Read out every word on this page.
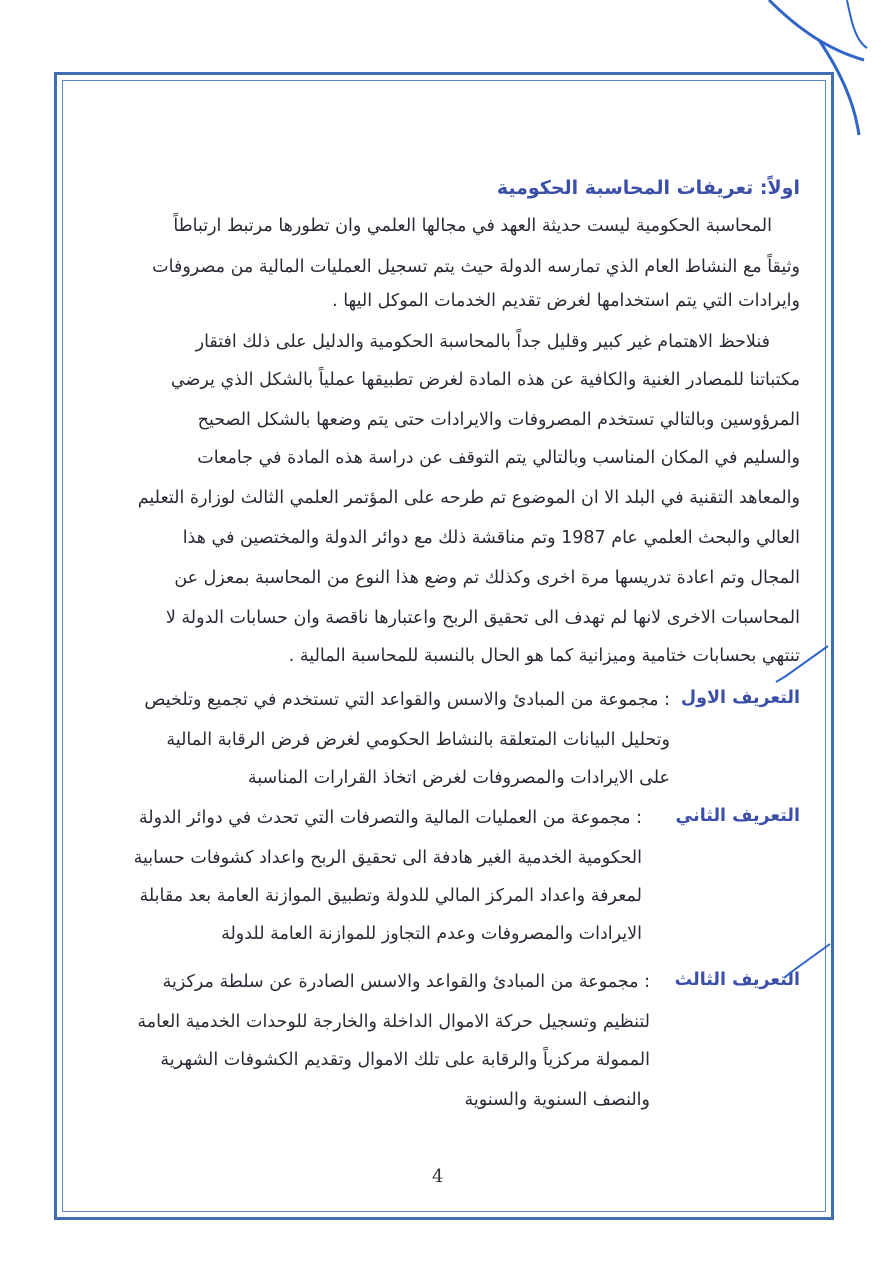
اولاً: تعريفات المحاسبة الحكومية
المحاسبة الحكومية ليست حديثة العهد في مجالها العلمي وان تطورها مرتبط ارتباطاً
وثيقاً مع النشاط العام الذي تمارسه الدولة حيث يتم تسجيل العمليات المالية من مصروفات
وايرادات التي يتم استخدامها لغرض تقديم الخدمات الموكل اليها .
فنلاحظ الاهتمام غير كبير وقليل جداً بالمحاسبة الحكومية والدليل على ذلك افتقار
مكتباتنا للمصادر الغنية والكافية عن هذه المادة لغرض تطبيقها عملياً بالشكل الذي يرضي
المرؤوسين وبالتالي تستخدم المصروفات والايرادات حتى يتم وضعها بالشكل الصحيح
والسليم في المكان المناسب وبالتالي يتم التوقف عن دراسة هذه المادة في جامعات
والمعاهد التقنية في البلد الا ان الموضوع تم طرحه على المؤتمر العلمي الثالث لوزارة التعليم
العالي والبحث العلمي عام 1987 وتم مناقشة ذلك مع دوائر الدولة والمختصين في هذا
المجال وتم اعادة تدريسها مرة اخرى وكذلك تم وضع هذا النوع من المحاسبة بمعزل عن
المحاسبات الاخرى لانها لم تهدف الى تحقيق الربح واعتبارها ناقصة وان حسابات الدولة لا
تنتهي بحسابات ختامية وميزانية كما هو الحال بالنسبة للمحاسبة المالية .
التعريف الاول
: مجموعة من المبادئ والاسس والقواعد التي تستخدم في تجميع وتلخيص
وتحليل البيانات المتعلقة بالنشاط الحكومي لغرض فرض الرقابة المالية
على الايرادات والمصروفات لغرض اتخاذ القرارات المناسبة
التعريف الثاني
: مجموعة من العمليات المالية والتصرفات التي تحدث في دوائر الدولة
الحكومية الخدمية الغير هادفة الى تحقيق الربح واعداد كشوفات حسابية
لمعرفة واعداد المركز المالي للدولة وتطبيق الموازنة العامة بعد مقابلة
الايرادات والمصروفات وعدم التجاوز للموازنة العامة للدولة
التعريف الثالث
: مجموعة من المبادئ والقواعد والاسس الصادرة عن سلطة مركزية
لتنظيم وتسجيل حركة الاموال الداخلة والخارجة للوحدات الخدمية العامة
الممولة مركزياً والرقابة على تلك الاموال وتقديم الكشوفات الشهرية
والنصف السنوية والسنوية
4
